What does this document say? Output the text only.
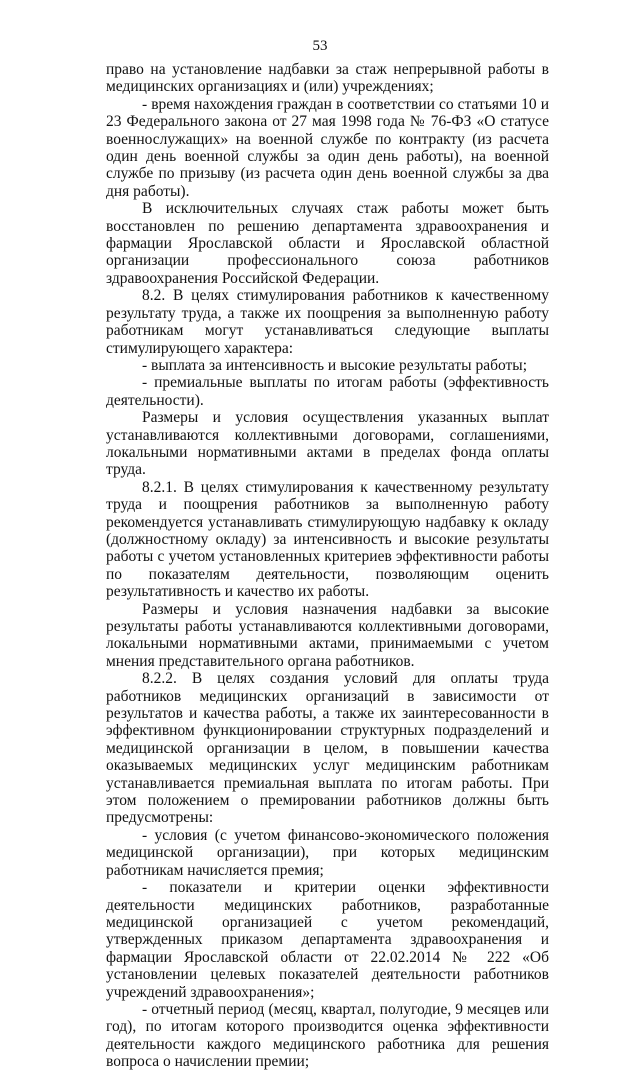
53

право на установление надбавки за стаж непрерывной работы в медицинских организациях и (или) учреждениях;

- время нахождения граждан в соответствии со статьями 10 и 23 Федерального закона от 27 мая 1998 года № 76-ФЗ «О статусе военнослужащих» на военной службе по контракту (из расчета один день военной службы за один день работы), на военной службе по призыву (из расчета один день военной службы за два дня работы).

В исключительных случаях стаж работы может быть восстановлен по решению департамента здравоохранения и фармации Ярославской области и Ярославской областной организации профессионального союза работников здравоохранения Российской Федерации.

8.2. В целях стимулирования работников к качественному результату труда, а также их поощрения за выполненную работу работникам могут устанавливаться следующие выплаты стимулирующего характера:

- выплата за интенсивность и высокие результаты работы;

- премиальные выплаты по итогам работы (эффективность деятельности).

Размеры и условия осуществления указанных выплат устанавливаются коллективными договорами, соглашениями, локальными нормативными актами в пределах фонда оплаты труда.

8.2.1. В целях стимулирования к качественному результату труда и поощрения работников за выполненную работу рекомендуется устанавливать стимулирующую надбавку к окладу (должностному окладу) за интенсивность и высокие результаты работы с учетом установленных критериев эффективности работы по показателям деятельности, позволяющим оценить результативность и качество их работы.

Размеры и условия назначения надбавки за высокие результаты работы устанавливаются коллективными договорами, локальными нормативными актами, принимаемыми с учетом мнения представительного органа работников.

8.2.2. В целях создания условий для оплаты труда работников медицинских организаций в зависимости от результатов и качества работы, а также их заинтересованности в эффективном функционировании структурных подразделений и медицинской организации в целом, в повышении качества оказываемых медицинских услуг медицинским работникам устанавливается премиальная выплата по итогам работы. При этом положением о премировании работников должны быть предусмотрены:

- условия (с учетом финансово-экономического положения медицинской организации), при которых медицинским работникам начисляется премия;

- показатели и критерии оценки эффективности деятельности медицинских работников, разработанные медицинской организацией с учетом рекомендаций, утвержденных приказом департамента здравоохранения и фармации Ярославской области от 22.02.2014 № 222 «Об установлении целевых показателей деятельности работников учреждений здравоохранения»;

- отчетный период (месяц, квартал, полугодие, 9 месяцев или год), по итогам которого производится оценка эффективности деятельности каждого медицинского работника для решения вопроса о начислении премии;
